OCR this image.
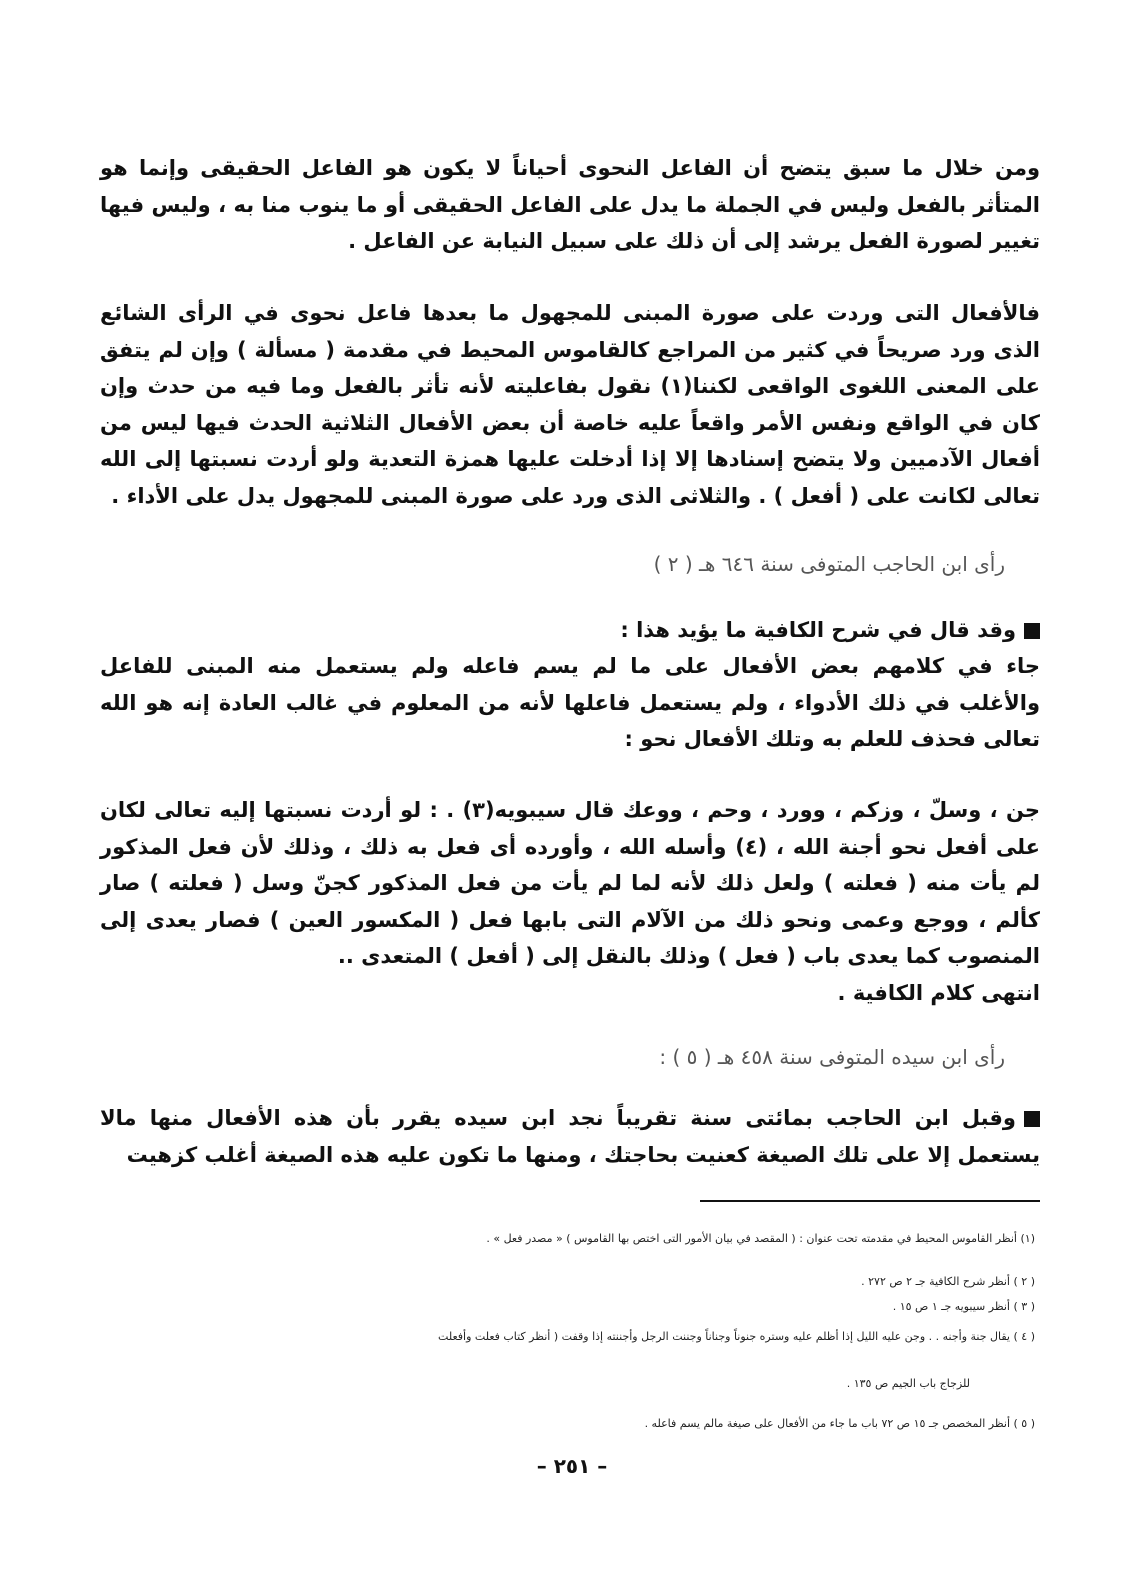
ومن خلال ما سبق يتضح أن الفاعل النحوى أحياناً لا يكون هو الفاعل الحقيقى وإنما هو المتأثر بالفعل وليس في الجملة ما يدل على الفاعل الحقيقى أو ما ينوب منا به ، وليس فيها تغيير لصورة الفعل يرشد إلى أن ذلك على سبيل النيابة عن الفاعل .

فالأفعال التى وردت على صورة المبنى للمجهول ما بعدها فاعل نحوى في الرأى الشائع الذى ورد صريحاً في كثير من المراجع كالقاموس المحيط في مقدمة ( مسألة ) وإن لم يتفق على المعنى اللغوى الواقعى لكننا(١) نقول بفاعليته لأنه تأثر بالفعل وما فيه من حدث وإن كان في الواقع ونفس الأمر واقعاً عليه خاصة أن بعض الأفعال الثلاثية الحدث فيها ليس من أفعال الآدميين ولا يتضح إسنادها إلا إذا أدخلت عليها همزة التعدية ولو أردت نسبتها إلى الله تعالى لكانت على ( أفعل ) . والثلاثى الذى ورد على صورة المبنى للمجهول يدل على الأداء .

رأى ابن الحاجب المتوفى سنة ٦٤٦ هـ ( ٢ )

وقد قال في شرح الكافية ما يؤيد هذا :

جاء في كلامهم بعض الأفعال على ما لم يسم فاعله ولم يستعمل منه المبنى للفاعل والأغلب في ذلك الأدواء ، ولم يستعمل فاعلها لأنه من المعلوم في غالب العادة إنه هو الله تعالى فحذف للعلم به وتلك الأفعال نحو :

جن ، وسلّ ، وزكم ، وورد ، وحم ، ووعك قال سيبويه(٣) . : لو أردت نسبتها إليه تعالى لكان على أفعل نحو أجنة الله ، (٤) وأسله الله ، وأورده أى فعل به ذلك ، وذلك لأن فعل المذكور لم يأت منه ( فعلته ) ولعل ذلك لأنه لما لم يأت من فعل المذكور كجنّ وسل ( فعلته ) صار كألم ، ووجع وعمى ونحو ذلك من الآلام التى بابها فعل ( المكسور العين ) فصار يعدى إلى المنصوب كما يعدى باب ( فعل ) وذلك بالنقل إلى ( أفعل ) المتعدى ..

انتهى كلام الكافية .

رأى ابن سيده المتوفى سنة ٤٥٨ هـ ( ٥ ) :

وقبل ابن الحاجب بمائتى سنة تقريباً نجد ابن سيده يقرر بأن هذه الأفعال منها مالا يستعمل إلا على تلك الصيغة كعنيت بحاجتك ، ومنها ما تكون عليه هذه الصيغة أغلب كزهيت

(١) أنظر القاموس المحيط في مقدمته تحت عنوان : ( المقصد في بيان الأمور التى اختص بها القاموس ) « مصدر فعل » .

( ٢ ) أنظر شرح الكافية جـ ٢ ص ٢٧٢ .

( ٣ ) أنظر سيبويه جـ ١ ص ١٥ .

( ٤ ) يقال جنة وأجنه . . وجن عليه الليل إذا أظلم عليه وستره جنوناً وجناناً وجننت الرجل وأجننته إذا وقفت ( أنظر كتاب فعلت وأفعلت

للزجاج باب الجيم ص ١٣٥ .

( ٥ ) أنظر المخصص جـ ١٥ ص ٧٢ باب ما جاء من الأفعال على صيغة مالم يسم فاعله .

– ٢٥١ –
